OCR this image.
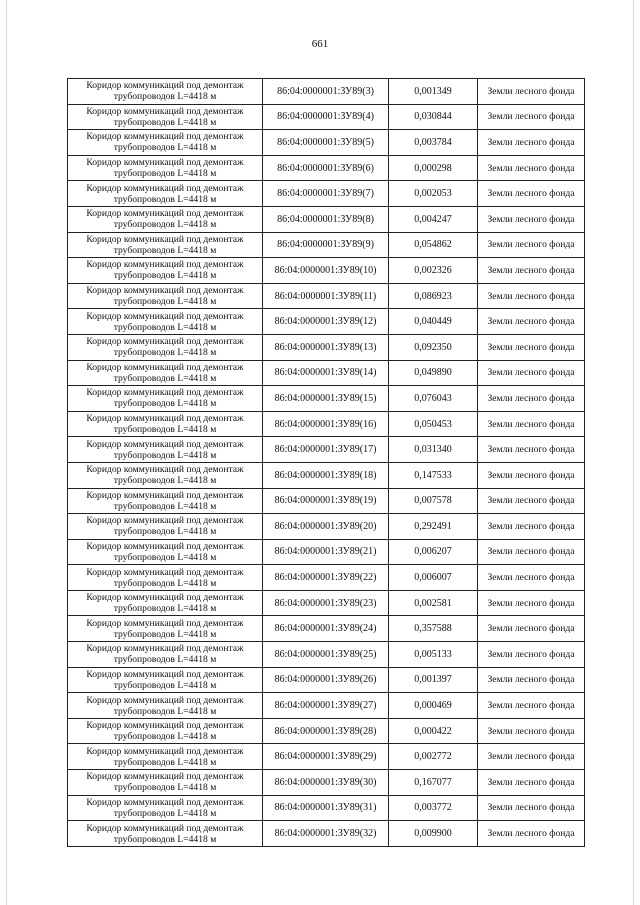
661
Коридор коммуникаций под демонтаж
трубопроводов L=4418 м	86:04:0000001:ЗУ89(3)	0,001349	Земли лесного фонда

Коридор коммуникаций под демонтаж
трубопроводов L=4418 м	86:04:0000001:ЗУ89(4)	0,030844	Земли лесного фонда

Коридор коммуникаций под демонтаж
трубопроводов L=4418 м	86:04:0000001:ЗУ89(5)	0,003784	Земли лесного фонда

Коридор коммуникаций под демонтаж
трубопроводов L=4418 м	86:04:0000001:ЗУ89(6)	0,000298	Земли лесного фонда

Коридор коммуникаций под демонтаж
трубопроводов L=4418 м	86:04:0000001:ЗУ89(7)	0,002053	Земли лесного фонда

Коридор коммуникаций под демонтаж
трубопроводов L=4418 м	86:04:0000001:ЗУ89(8)	0,004247	Земли лесного фонда

Коридор коммуникаций под демонтаж
трубопроводов L=4418 м	86:04:0000001:ЗУ89(9)	0,054862	Земли лесного фонда

Коридор коммуникаций под демонтаж
трубопроводов L=4418 м	86:04:0000001:ЗУ89(10)	0,002326	Земли лесного фонда

Коридор коммуникаций под демонтаж
трубопроводов L=4418 м	86:04:0000001:ЗУ89(11)	0,086923	Земли лесного фонда

Коридор коммуникаций под демонтаж
трубопроводов L=4418 м	86:04:0000001:ЗУ89(12)	0,040449	Земли лесного фонда

Коридор коммуникаций под демонтаж
трубопроводов L=4418 м	86:04:0000001:ЗУ89(13)	0,092350	Земли лесного фонда

Коридор коммуникаций под демонтаж
трубопроводов L=4418 м	86:04:0000001:ЗУ89(14)	0,049890	Земли лесного фонда

Коридор коммуникаций под демонтаж
трубопроводов L=4418 м	86:04:0000001:ЗУ89(15)	0,076043	Земли лесного фонда

Коридор коммуникаций под демонтаж
трубопроводов L=4418 м	86:04:0000001:ЗУ89(16)	0,050453	Земли лесного фонда

Коридор коммуникаций под демонтаж
трубопроводов L=4418 м	86:04:0000001:ЗУ89(17)	0,031340	Земли лесного фонда

Коридор коммуникаций под демонтаж
трубопроводов L=4418 м	86:04:0000001:ЗУ89(18)	0,147533	Земли лесного фонда

Коридор коммуникаций под демонтаж
трубопроводов L=4418 м	86:04:0000001:ЗУ89(19)	0,007578	Земли лесного фонда

Коридор коммуникаций под демонтаж
трубопроводов L=4418 м	86:04:0000001:ЗУ89(20)	0,292491	Земли лесного фонда

Коридор коммуникаций под демонтаж
трубопроводов L=4418 м	86:04:0000001:ЗУ89(21)	0,006207	Земли лесного фонда

Коридор коммуникаций под демонтаж
трубопроводов L=4418 м	86:04:0000001:ЗУ89(22)	0,006007	Земли лесного фонда

Коридор коммуникаций под демонтаж
трубопроводов L=4418 м	86:04:0000001:ЗУ89(23)	0,002581	Земли лесного фонда

Коридор коммуникаций под демонтаж
трубопроводов L=4418 м	86:04:0000001:ЗУ89(24)	0,357588	Земли лесного фонда

Коридор коммуникаций под демонтаж
трубопроводов L=4418 м	86:04:0000001:ЗУ89(25)	0,005133	Земли лесного фонда

Коридор коммуникаций под демонтаж
трубопроводов L=4418 м	86:04:0000001:ЗУ89(26)	0,001397	Земли лесного фонда

Коридор коммуникаций под демонтаж
трубопроводов L=4418 м	86:04:0000001:ЗУ89(27)	0,000469	Земли лесного фонда

Коридор коммуникаций под демонтаж
трубопроводов L=4418 м	86:04:0000001:ЗУ89(28)	0,000422	Земли лесного фонда

Коридор коммуникаций под демонтаж
трубопроводов L=4418 м	86:04:0000001:ЗУ89(29)	0,002772	Земли лесного фонда

Коридор коммуникаций под демонтаж
трубопроводов L=4418 м	86:04:0000001:ЗУ89(30)	0,167077	Земли лесного фонда

Коридор коммуникаций под демонтаж
трубопроводов L=4418 м	86:04:0000001:ЗУ89(31)	0,003772	Земли лесного фонда

Коридор коммуникаций под демонтаж
трубопроводов L=4418 м	86:04:0000001:ЗУ89(32)	0,009900	Земли лесного фонда
